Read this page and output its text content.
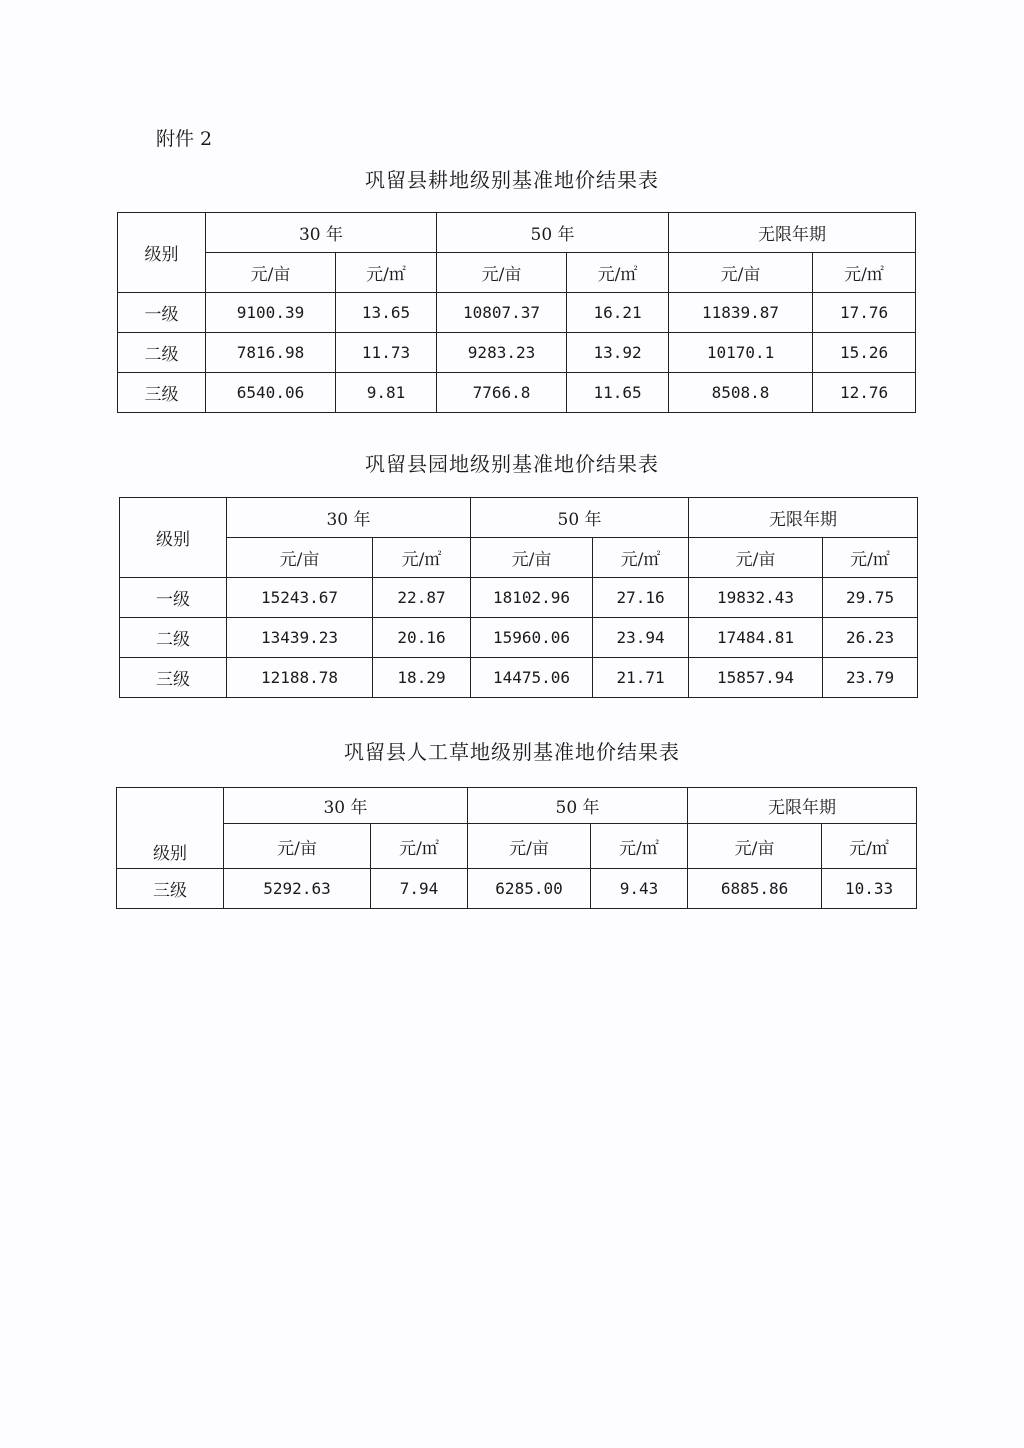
附件 2
巩留县耕地级别基准地价结果表
级别	30 年		50 年		无限年期	
	元/亩	元/㎡	元/亩	元/㎡	元/亩	元/㎡
一级	9100.39	13.65	10807.37	16.21	11839.87	17.76
二级	7816.98	11.73	9283.23	13.92	10170.1	15.26
三级	6540.06	9.81	7766.8	11.65	8508.8	12.76
巩留县园地级别基准地价结果表
级别	30 年		50 年		无限年期	
	元/亩	元/㎡	元/亩	元/㎡	元/亩	元/㎡
一级	15243.67	22.87	18102.96	27.16	19832.43	29.75
二级	13439.23	20.16	15960.06	23.94	17484.81	26.23
三级	12188.78	18.29	14475.06	21.71	15857.94	23.79
巩留县人工草地级别基准地价结果表
级别	30 年		50 年		无限年期	
	元/亩	元/㎡	元/亩	元/㎡	元/亩	元/㎡
三级	5292.63	7.94	6285.00	9.43	6885.86	10.33
